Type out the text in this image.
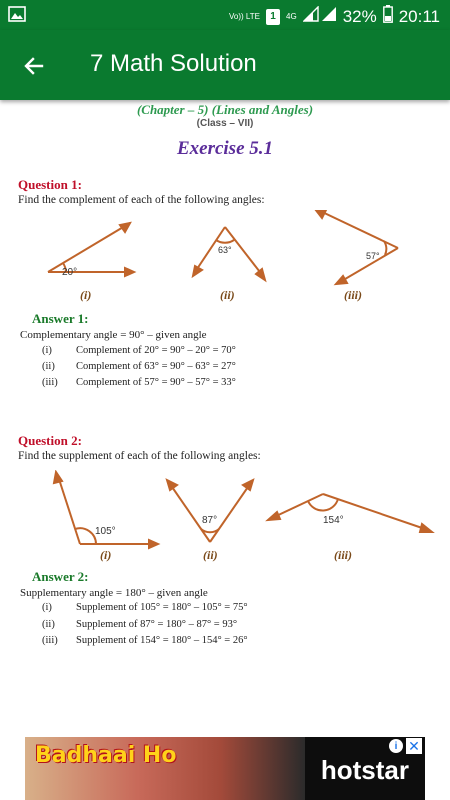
Vo)) LTE	1	4G	32% 20:11
7 Math Solution
(Chapter – 5) (Lines and Angles)
(Class – VII)
Exercise 5.1
Question 1:
Find the complement of each of the following angles:
20°
63°
57°
(i)	(ii)	(iii)
Answer 1:
Complementary angle = 90° – given angle
(i)	Complement of 20° = 90° – 20° = 70°
(ii)	Complement of 63° = 90° – 63° = 27°
(iii)	Complement of 57° = 90° – 57° = 33°
Question 2:
Find the supplement of each of the following angles:
105°
87°	154°
(i)	(ii)	(iii)
Answer 2:
Supplementary angle = 180° – given angle
(i)	Supplement of 105° = 180° – 105° = 75°
(ii)	Supplement of 87° = 180° – 87° = 93°
(iii)	Supplement of 154° = 180° – 154° = 26°
Badhaai Ho	hotstar
i ✕
